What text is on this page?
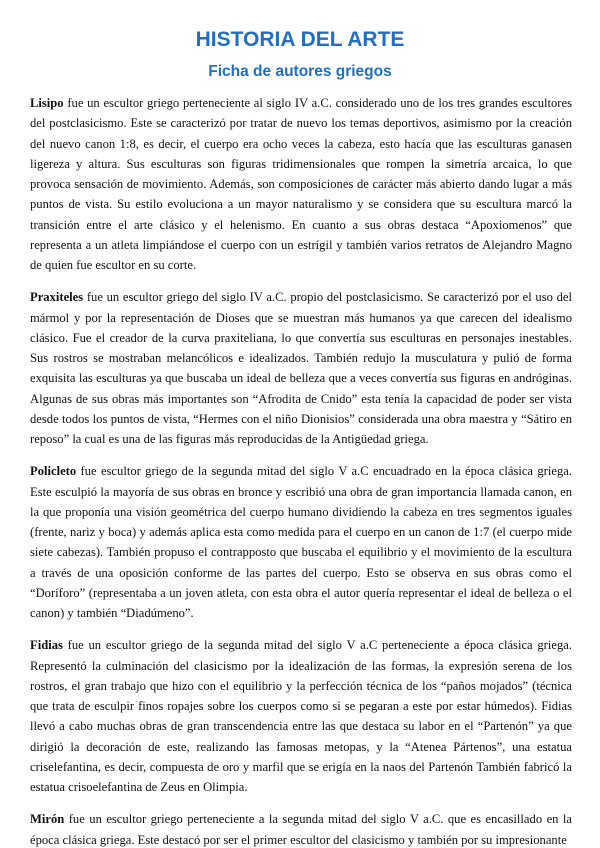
HISTORIA DEL ARTE
Ficha de autores griegos

Lisipo fue un escultor griego perteneciente al siglo IV a.C. considerado uno de los tres grandes escultores del postclasicismo. Este se caracterizó por tratar de nuevo los temas deportivos, asimismo por la creación del nuevo canon 1:8, es decir, el cuerpo era ocho veces la cabeza, esto hacía que las esculturas ganasen ligereza y altura. Sus esculturas son figuras tridimensionales que rompen la simetría arcaica, lo que provoca sensación de movimiento. Además, son composiciones de carácter más abierto dando lugar a más puntos de vista. Su estilo evoluciona a un mayor naturalismo y se considera que su escultura marcó la transición entre el arte clásico y el helenismo. En cuanto a sus obras destaca “Apoxiomenos” que representa a un atleta limpiándose el cuerpo con un estrígil y también varios retratos de Alejandro Magno de quien fue escultor en su corte.

Praxiteles fue un escultor griego del siglo IV a.C. propio del postclasicismo. Se caracterizó por el uso del mármol y por la representación de Dioses que se muestran más humanos ya que carecen del idealismo clásico. Fue el creador de la curva praxiteliana, lo que convertía sus esculturas en personajes inestables. Sus rostros se mostraban melancólicos e idealizados. También redujo la musculatura y pulió de forma exquisita las esculturas ya que buscaba un ideal de belleza que a veces convertía sus figuras en andróginas. Algunas de sus obras más importantes son “Afrodita de Cnido” esta tenía la capacidad de poder ser vista desde todos los puntos de vista, “Hermes con el niño Dionisios” considerada una obra maestra y “Sátiro en reposo” la cual es una de las figuras más reproducidas de la Antigüedad griega.

Policleto fue escultor griego de la segunda mitad del siglo V a.C encuadrado en la época clásica griega. Este esculpió la mayoría de sus obras en bronce y escribió una obra de gran importancia llamada canon, en la que proponía una visión geométrica del cuerpo humano dividiendo la cabeza en tres segmentos iguales (frente, nariz y boca) y además aplica esta como medida para el cuerpo en un canon de 1:7 (el cuerpo mide siete cabezas). También propuso el contrapposto que buscaba el equilibrio y el movimiento de la escultura a través de una oposición conforme de las partes del cuerpo. Esto se observa en sus obras como el “Doríforo” (representaba a un joven atleta, con esta obra el autor quería representar el ideal de belleza o el canon) y también “Diadúmeno”.

Fidias fue un escultor griego de la segunda mitad del siglo V a.C perteneciente a época clásica griega. Representó la culminación del clasicismo por la idealización de las formas, la expresión serena de los rostros, el gran trabajo que hizo con el equilibrio y la perfección técnica de los “paños mojados” (técnica que trata de esculpir finos ropajes sobre los cuerpos como si se pegaran a este por estar húmedos). Fidias llevó a cabo muchas obras de gran transcendencia entre las que destaca su labor en el “Partenón” ya que dirigió la decoración de este, realizando las famosas metopas, y la “Atenea Pártenos”, una estatua criselefantina, es decir, compuesta de oro y marfil que se erigía en la naos del Partenón También fabricó la estatua crisoelefantina de Zeus en Olimpia.

Mirón fue un escultor griego perteneciente a la segunda mitad del siglo V a.C. que es encasillado en la época clásica griega. Este destacó por ser el primer escultor del clasicismo y también por su impresionante
